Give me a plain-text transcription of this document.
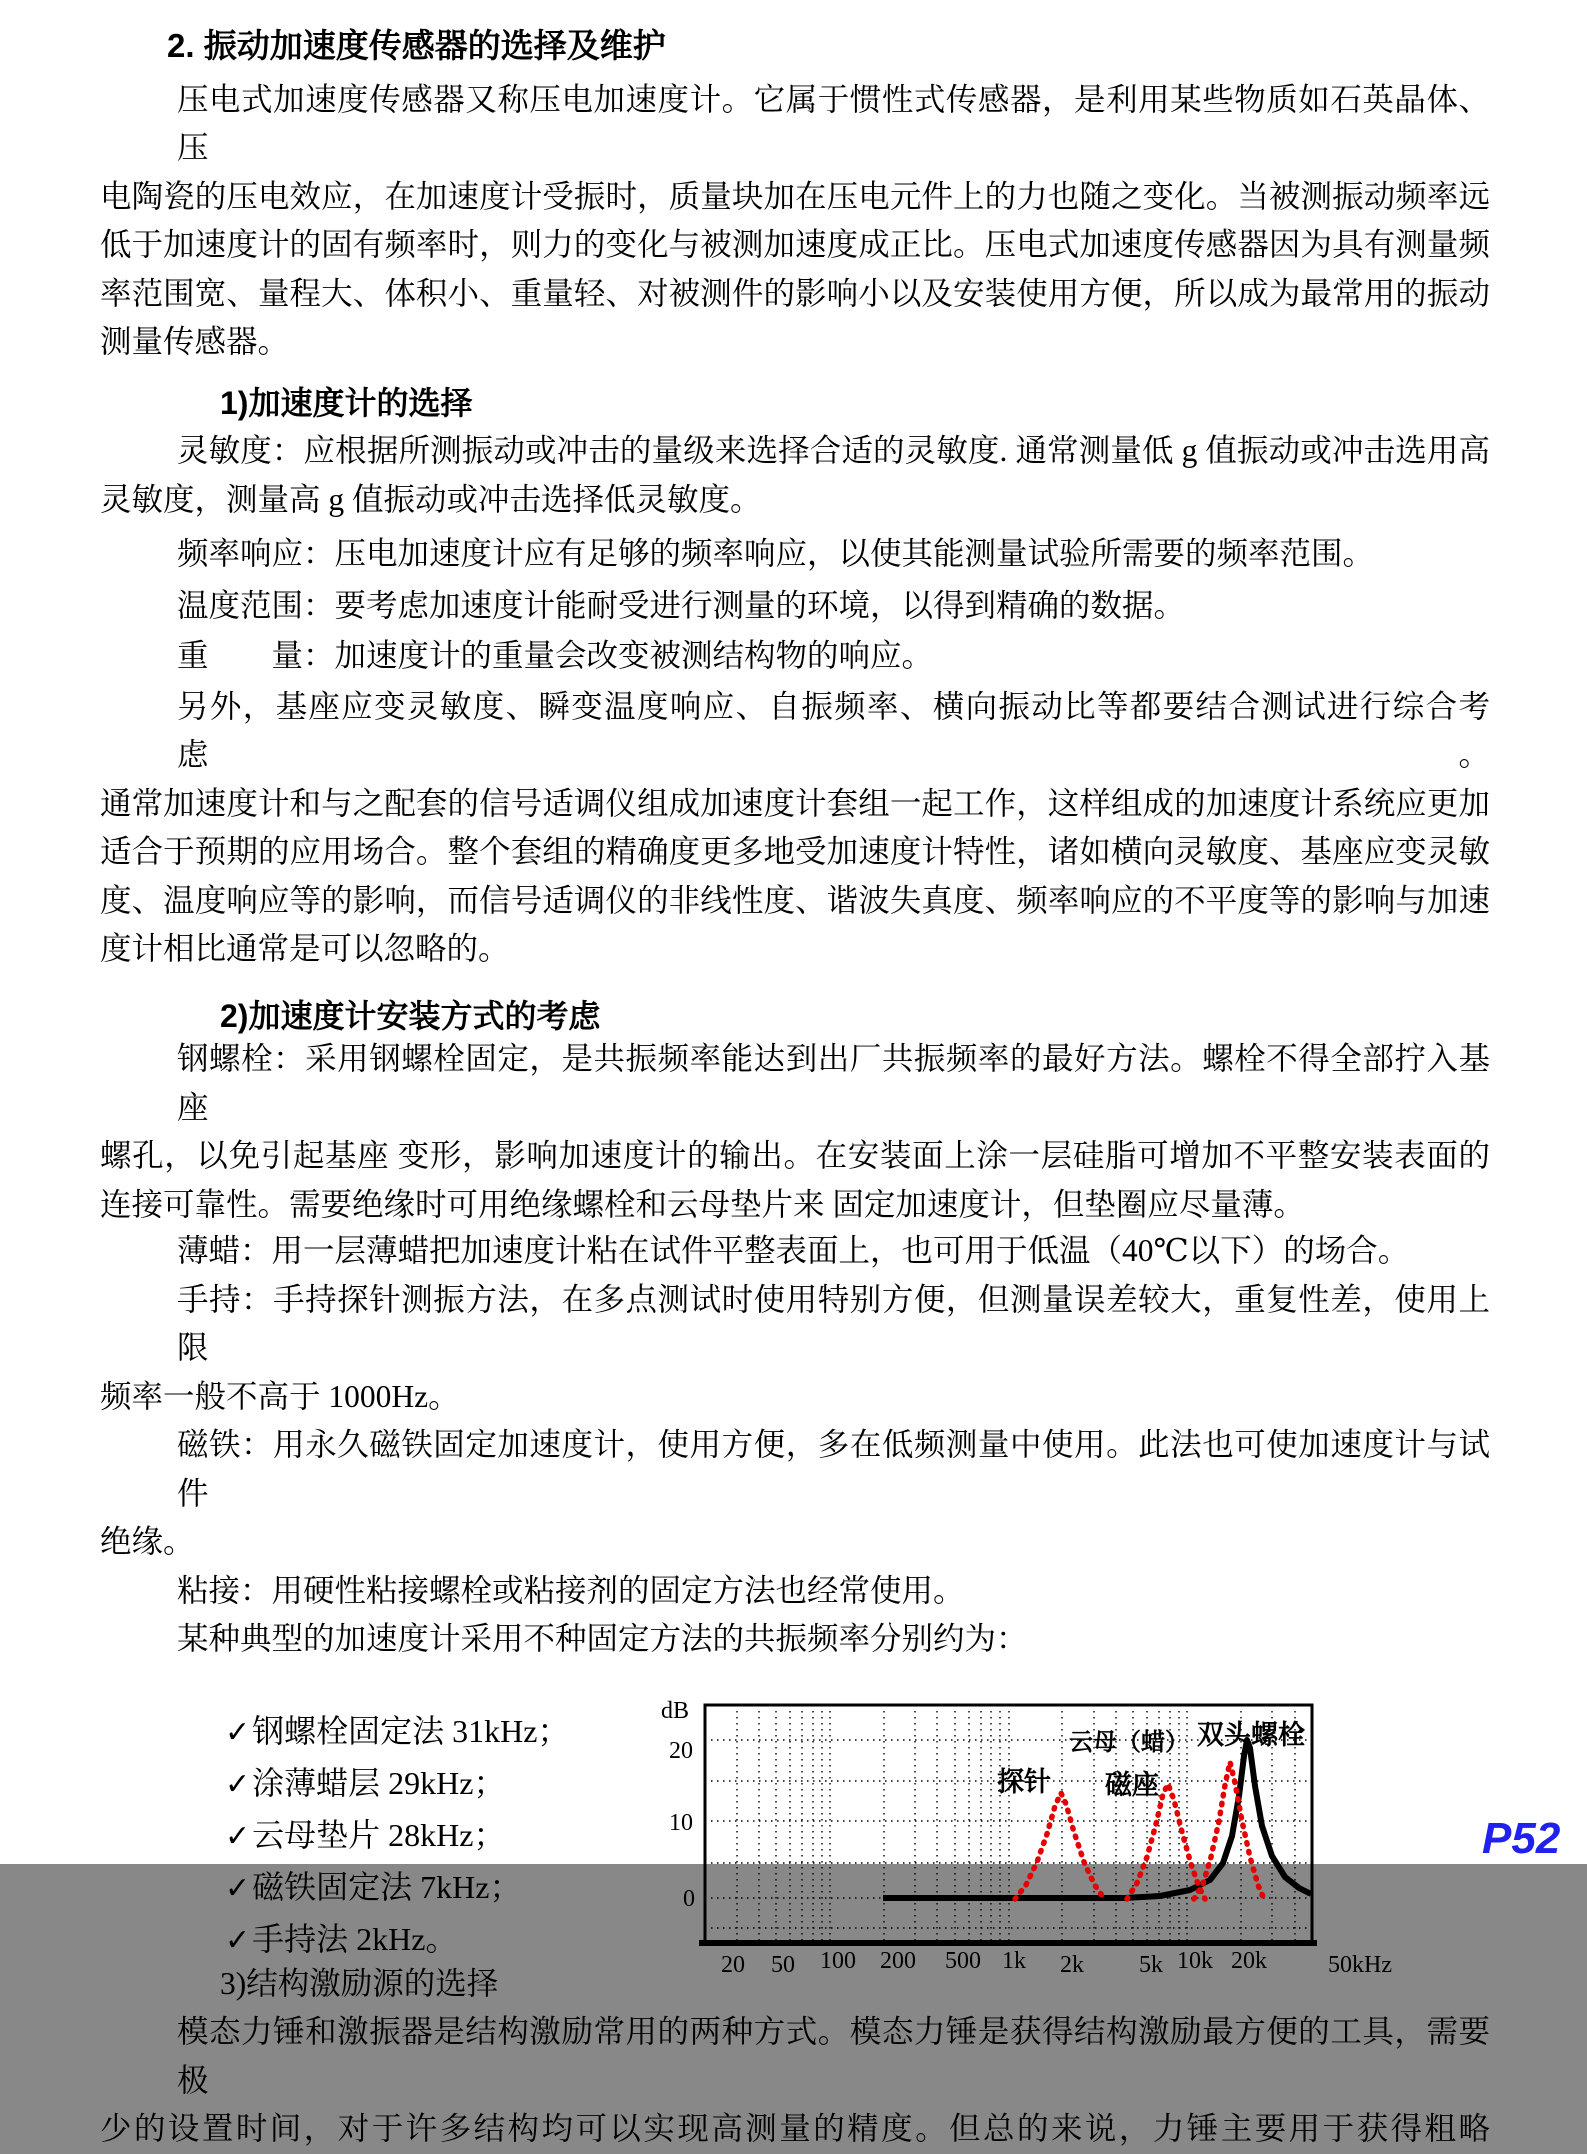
2. 振动加速度传感器的选择及维护
压电式加速度传感器又称压电加速度计。它属于惯性式传感器，是利用某些物质如石英晶体、压
电陶瓷的压电效应，在加速度计受振时，质量块加在压电元件上的力也随之变化。当被测振动频率远
低于加速度计的固有频率时，则力的变化与被测加速度成正比。压电式加速度传感器因为具有测量频
率范围宽、量程大、体积小、重量轻、对被测件的影响小以及安装使用方便，所以成为最常用的振动
测量传感器。
1)加速度计的选择
灵敏度：应根据所测振动或冲击的量级来选择合适的灵敏度. 通常测量低 g 值振动或冲击选用高
灵敏度，测量高 g 值振动或冲击选择低灵敏度。
频率响应：压电加速度计应有足够的频率响应，以使其能测量试验所需要的频率范围。
温度范围：要考虑加速度计能耐受进行测量的环境，以得到精确的数据。
重　　量：加速度计的重量会改变被测结构物的响应。
另外，基座应变灵敏度、瞬变温度响应、自振频率、横向振动比等都要结合测试进行综合考虑。
通常加速度计和与之配套的信号适调仪组成加速度计套组一起工作，这样组成的加速度计系统应更加
适合于预期的应用场合。整个套组的精确度更多地受加速度计特性，诸如横向灵敏度、基座应变灵敏
度、温度响应等的影响，而信号适调仪的非线性度、谐波失真度、频率响应的不平度等的影响与加速
度计相比通常是可以忽略的。
2)加速度计安装方式的考虑
钢螺栓：采用钢螺栓固定，是共振频率能达到出厂共振频率的最好方法。螺栓不得全部拧入基座
螺孔，以免引起基座 变形，影响加速度计的输出。在安装面上涂一层硅脂可增加不平整安装表面的
连接可靠性。需要绝缘时可用绝缘螺栓和云母垫片来 固定加速度计，但垫圈应尽量薄。
薄蜡：用一层薄蜡把加速度计粘在试件平整表面上，也可用于低温（40℃以下）的场合。
手持：手持探针测振方法，在多点测试时使用特别方便，但测量误差较大，重复性差，使用上限
频率一般不高于 1000Hz。
磁铁：用永久磁铁固定加速度计，使用方便，多在低频测量中使用。此法也可使加速度计与试件
绝缘。
粘接：用硬性粘接螺栓或粘接剂的固定方法也经常使用。
某种典型的加速度计采用不种固定方法的共振频率分别约为：
✓钢螺栓固定法 31kHz；
✓涂薄蜡层 29kHz；
✓云母垫片 28kHz；
✓磁铁固定法 7kHz；
✓手持法 2kHz。
dB
20
10
0
20 50 100 200 500 1k 2k 5k 10k 20k	50kHz
探针 磁座
云母（蜡） 双头螺栓
3)结构激励源的选择
模态力锤和激振器是结构激励常用的两种方式。模态力锤是获得结构激励最方便的工具，需要极
少的设置时间，对于许多结构均可以实现高测量的精度。但总的来说，力锤主要用于获得粗略
P52
